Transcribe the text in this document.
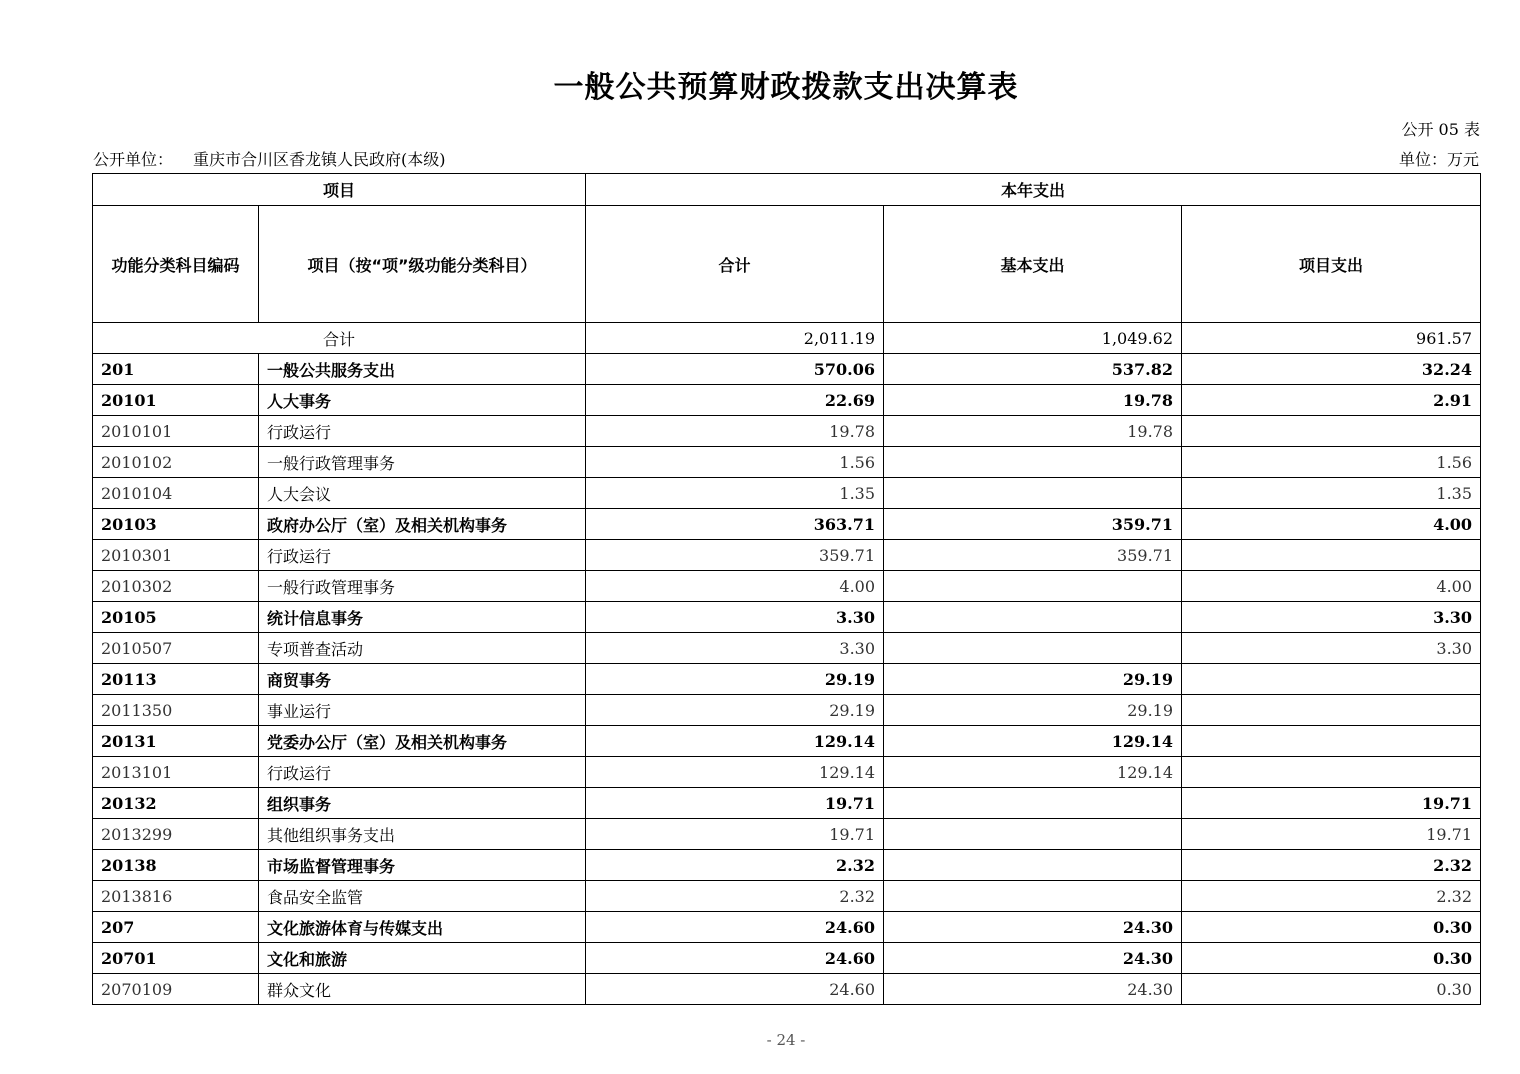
一般公共预算财政拨款支出决算表
公开 05 表
公开单位： 重庆市合川区香龙镇人民政府(本级)	单位：万元
项目		本年支出		
功能分类科目编码	项目（按“项”级功能分类科目）	合计	基本支出	项目支出
合计		2,011.19	1,049.62	961.57
201	一般公共服务支出	570.06	537.82	32.24
20101	人大事务	22.69	19.78	2.91
2010101	行政运行	19.78	19.78	
2010102	一般行政管理事务	1.56		1.56
2010104	人大会议	1.35		1.35
20103	政府办公厅（室）及相关机构事务	363.71	359.71	4.00
2010301	行政运行	359.71	359.71	
2010302	一般行政管理事务	4.00		4.00
20105	统计信息事务	3.30		3.30
2010507	专项普查活动	3.30		3.30
20113	商贸事务	29.19	29.19	
2011350	事业运行	29.19	29.19	
20131	党委办公厅（室）及相关机构事务	129.14	129.14	
2013101	行政运行	129.14	129.14	
20132	组织事务	19.71		19.71
2013299	其他组织事务支出	19.71		19.71
20138	市场监督管理事务	2.32		2.32
2013816	食品安全监管	2.32		2.32
207	文化旅游体育与传媒支出	24.60	24.30	0.30
20701	文化和旅游	24.60	24.30	0.30
2070109	群众文化	24.60	24.30	0.30
- 24 -
